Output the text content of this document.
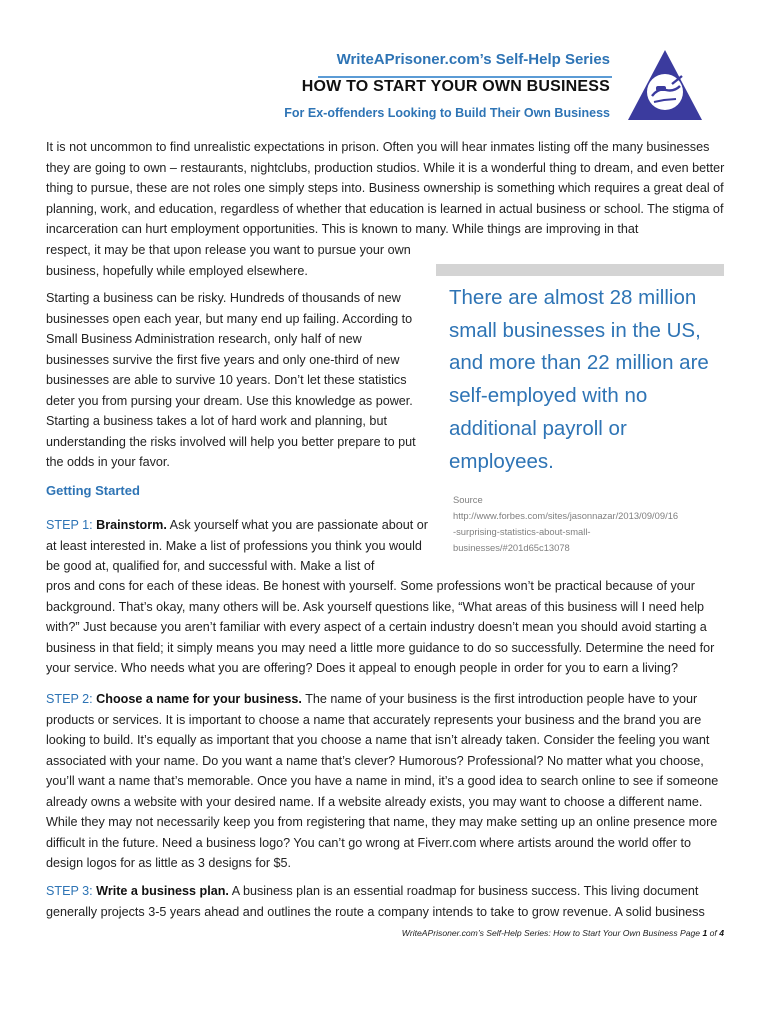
WriteAPrisoner.com’s Self-Help Series
HOW TO START YOUR OWN BUSINESS
For Ex-offenders Looking to Build Their Own Business

It is not uncommon to find unrealistic expectations in prison. Often you will hear inmates listing off the many businesses they are going to own – restaurants, nightclubs, production studios. While it is a wonderful thing to dream, and even better thing to pursue, these are not roles one simply steps into. Business ownership is something which requires a great deal of planning, work, and education, regardless of whether that education is learned in actual business or school. The stigma of incarceration can hurt employment opportunities. This is known to many. While things are improving in that

respect, it may be that upon release you want to pursue your own business, hopefully while employed elsewhere.

Starting a business can be risky. Hundreds of thousands of new businesses open each year, but many end up failing. According to Small Business Administration research, only half of new businesses survive the first five years and only one-third of new businesses are able to survive 10 years. Don’t let these statistics deter you from pursing your dream. Use this knowledge as power. Starting a business takes a lot of hard work and planning, but understanding the risks involved will help you better prepare to put the odds in your favor.

There are almost 28 million small businesses in the US, and more than 22 million are self-employed with no additional payroll or employees.
Source
http://www.forbes.com/sites/jasonnazar/2013/09/09/16
-surprising-statistics-about-small-
businesses/#201d65c13078
Getting Started

STEP 1: Brainstorm. Ask yourself what you are passionate about or at least interested in. Make a list of professions you think you would be good at, qualified for, and successful with. Make a list of

pros and cons for each of these ideas. Be honest with yourself. Some professions won’t be practical because of your background. That’s okay, many others will be. Ask yourself questions like, “What areas of this business will I need help with?” Just because you aren’t familiar with every aspect of a certain industry doesn’t mean you should avoid starting a business in that field; it simply means you may need a little more guidance to do so successfully. Determine the need for your service. Who needs what you are offering? Does it appeal to enough people in order for you to earn a living?

STEP 2: Choose a name for your business. The name of your business is the first introduction people have to your products or services. It is important to choose a name that accurately represents your business and the brand you are looking to build. It’s equally as important that you choose a name that isn’t already taken. Consider the feeling you want associated with your name. Do you want a name that’s clever? Humorous? Professional? No matter what you choose, you’ll want a name that’s memorable. Once you have a name in mind, it’s a good idea to search online to see if someone already owns a website with your desired name. If a website already exists, you may want to choose a different name. While they may not necessarily keep you from registering that name, they may make setting up an online presence more difficult in the future. Need a business logo? You can’t go wrong at Fiverr.com where artists around the world offer to design logos for as little as 3 designs for $5.

STEP 3: Write a business plan. A business plan is an essential roadmap for business success. This living document generally projects 3-5 years ahead and outlines the route a company intends to take to grow revenue. A solid business

WriteAPrisoner.com’s Self-Help Series: How to Start Your Own Business Page 1 of 4
